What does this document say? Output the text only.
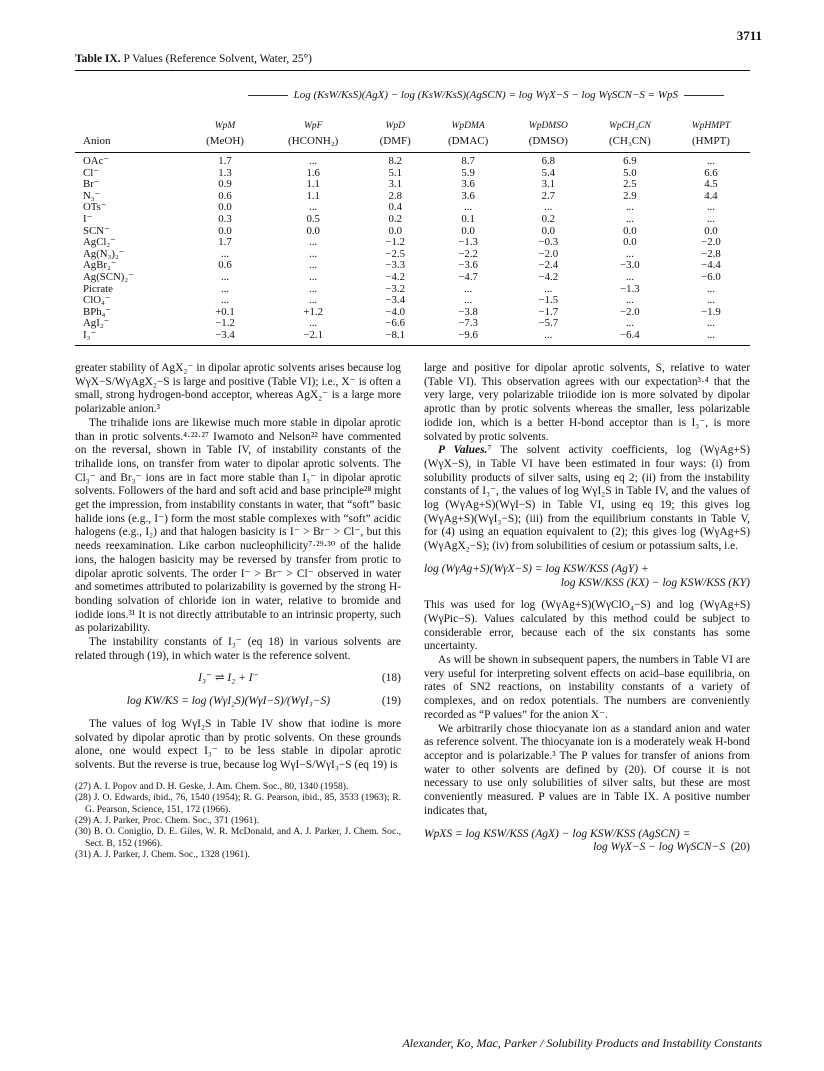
3711
Table IX. P Values (Reference Solvent, Water, 25°)
Log (KsW/KsS)(AgX) − log (KsW/KsS)(AgSCN) = log WγX−S − log WγSCN−S = WpS
	WpM	WpF	WpD	WpDMA	WpDMSO	WpCH₃CN	WpHMPT
Anion	(MeOH)	(HCONH₂)	(DMF)	(DMAC)	(DMSO)	(CH₃CN)	(HMPT)
OAc⁻	1.7	...	8.2	8.7	6.8	6.9	...
Cl⁻	1.3	1.6	5.1	5.9	5.4	5.0	6.6
Br⁻	0.9	1.1	3.1	3.6	3.1	2.5	4.5
N₃⁻	0.6	1.1	2.8	3.6	2.7	2.9	4.4
OTs⁻	0.0	...	0.4	...	...	...	...
I⁻	0.3	0.5	0.2	0.1	0.2	...	...
SCN⁻	0.0	0.0	0.0	0.0	0.0	0.0	0.0
AgCl₂⁻	1.7	...	−1.2	−1.3	−0.3	0.0	−2.0
Ag(N₃)₂⁻	...	...	−2.5	−2.2	−2.0	...	−2.8
AgBr₂⁻	0.6	...	−3.3	−3.6	−2.4	−3.0	−4.4
Ag(SCN)₂⁻	...	...	−4.2	−4.7	−4.2	...	−6.0
Picrate	...	...	−3.2	...	...	−1.3	...
ClO₄⁻	...	...	−3.4	...	−1.5	...	...
BPh₄⁻	+0.1	+1.2	−4.0	−3.8	−1.7	−2.0	−1.9
AgI₂⁻	−1.2	...	−6.6	−7.3	−5.7	...	...
I₃⁻	−3.4	−2.1	−8.1	−9.6	...	−6.4	...

greater stability of AgX₂⁻ in dipolar aprotic solvents arises because log WγX−S/WγAgX₂−S is large and positive (Table VI); i.e., X⁻ is often a small, strong hydrogen-bond acceptor, whereas AgX₂⁻ is a large more polarizable anion.³

The trihalide ions are likewise much more stable in dipolar aprotic than in protic solvents.⁴·²²·²⁷ Iwamoto and Nelson²² have commented on the reversal, shown in Table IV, of instability constants of the trihalide ions, on transfer from water to dipolar aprotic solvents. The Cl₃⁻ and Br₃⁻ ions are in fact more stable than I₃⁻ in dipolar aprotic solvents. Followers of the hard and soft acid and base principle²⁸ might get the impression, from instability constants in water, that “soft” basic halide ions (e.g., I⁻) form the most stable complexes with “soft” acidic halogens (e.g., I₂) and that halogen basicity is I⁻ > Br⁻ > Cl⁻, but this needs reexamination. Like carbon nucleophilicity⁷·²⁹·³⁰ of the halide ions, the halogen basicity may be reversed by transfer from protic to dipolar aprotic solvents. The order I⁻ > Br⁻ > Cl⁻ observed in water and sometimes attributed to polarizability is governed by the strong H-bonding solvation of chloride ion in water, relative to bromide and iodide ions.³¹ It is not directly attributable to an intrinsic property, such as polarizability.

The instability constants of I₃⁻ (eq 18) in various solvents are related through (19), in which water is the reference solvent.

I₃⁻ ⇌ I₂ + I⁻	(18)
log KW/KS = log (WγI₂S)(WγI−S)/(WγI₃−S)	(19)

The values of log WγI₂S in Table IV show that iodine is more solvated by dipolar aprotic than by protic solvents. On these grounds alone, one would expect I₃⁻ to be less stable in dipolar aprotic solvents. But the reverse is true, because log WγI−S/WγI₃−S (eq 19) is

(27) A. I. Popov and D. H. Geske, J. Am. Chem. Soc., 80, 1340 (1958).
(28) J. O. Edwards, ibid., 76, 1540 (1954); R. G. Pearson, ibid., 85, 3533 (1963); R. G. Pearson, Science, 151, 172 (1966).
(29) A. J. Parker, Proc. Chem. Soc., 371 (1961).
(30) B. O. Coniglio, D. E. Giles, W. R. McDonald, and A. J. Parker, J. Chem. Soc., Sect. B, 152 (1966).
(31) A. J. Parker, J. Chem. Soc., 1328 (1961).

large and positive for dipolar aprotic solvents, S, relative to water (Table VI). This observation agrees with our expectation³·⁴ that the very large, very polarizable triiodide ion is more solvated by dipolar aprotic than by protic solvents whereas the smaller, less polarizable iodide ion, which is a better H-bond acceptor than is I₃⁻, is more solvated by protic solvents.

P Values.⁷ The solvent activity coefficients, log (WγAg+S)(WγX−S), in Table VI have been estimated in four ways: (i) from solubility products of silver salts, using eq 2; (ii) from the instability constants of I₃⁻, the values of log WγI₂S in Table IV, and the values of log (WγAg+S)(WγI−S) in Table VI, using eq 19; this gives log (WγAg+S)(WγI₃−S); (iii) from the equilibrium constants in Table V, for (4) using an equation equivalent to (2); this gives log (WγAg+S)(WγAgX₂−S); (iv) from solubilities of cesium or potassium salts, i.e.

log (WγAg+S)(WγX−S) = log KSW/KSS (AgY) +
log KSW/KSS (KX) − log KSW/KSS (KY)

This was used for log (WγAg+S)(WγClO₄−S) and log (WγAg+S)(WγPic−S). Values calculated by this method could be subject to considerable error, because each of the six constants has some uncertainty.

As will be shown in subsequent papers, the numbers in Table VI are very useful for interpreting solvent effects on acid–base equilibria, on rates of SN2 reactions, on instability constants of a variety of complexes, and on redox potentials. The numbers are conveniently recorded as “P values” for the anion X⁻.

We arbitrarily chose thiocyanate ion as a standard anion and water as reference solvent. The thiocyanate ion is a moderately weak H-bond acceptor and is polarizable.³ The P values for transfer of anions from water to other solvents are defined by (20). Of course it is not necessary to use only solubilities of silver salts, but these are most conveniently measured. P values are in Table IX. A positive number indicates that,

WpXS = log KSW/KSS (AgX) − log KSW/KSS (AgSCN) =
log WγX−S − log WγSCN−S (20)
Alexander, Ko, Mac, Parker / Solubility Products and Instability Constants
